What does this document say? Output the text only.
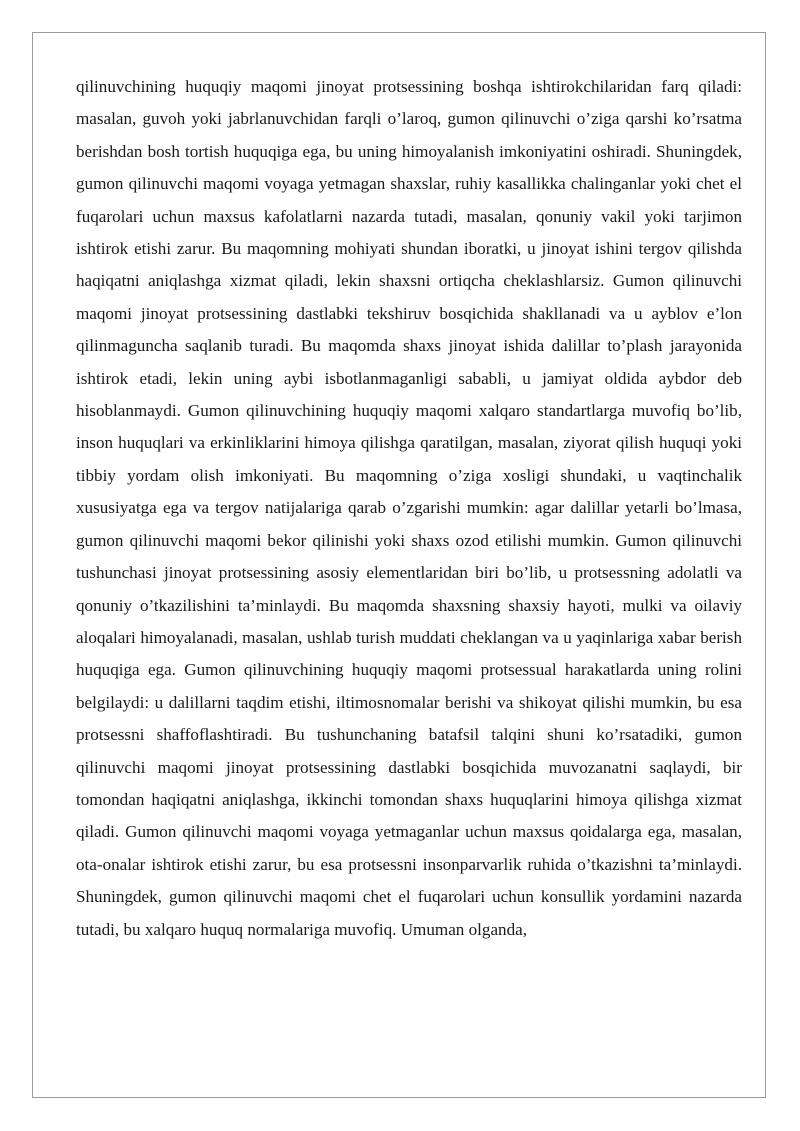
qilinuvchining huquqiy maqomi jinoyat protsessining boshqa ishtirokchilaridan farq qiladi: masalan, guvoh yoki jabrlanuvchidan farqli o’laroq, gumon qilinuvchi o’ziga qarshi ko’rsatma berishdan bosh tortish huquqiga ega, bu uning himoyalanish imkoniyatini oshiradi. Shuningdek, gumon qilinuvchi maqomi voyaga yetmagan shaxslar, ruhiy kasallikka chalinganlar yoki chet el fuqarolari uchun maxsus kafolatlarni nazarda tutadi, masalan, qonuniy vakil yoki tarjimon ishtirok etishi zarur. Bu maqomning mohiyati shundan iboratki, u jinoyat ishini tergov qilishda haqiqatni aniqlashga xizmat qiladi, lekin shaxsni ortiqcha cheklashlarsiz. Gumon qilinuvchi maqomi jinoyat protsessining dastlabki tekshiruv bosqichida shakllanadi va u ayblov e’lon qilinmaguncha saqlanib turadi. Bu maqomda shaxs jinoyat ishida dalillar to’plash jarayonida ishtirok etadi, lekin uning aybi isbotlanmaganligi sababli, u jamiyat oldida aybdor deb hisoblanmaydi. Gumon qilinuvchining huquqiy maqomi xalqaro standartlarga muvofiq bo’lib, inson huquqlari va erkinliklarini himoya qilishga qaratilgan, masalan, ziyorat qilish huquqi yoki tibbiy yordam olish imkoniyati. Bu maqomning o’ziga xosligi shundaki, u vaqtinchalik xususiyatga ega va tergov natijalariga qarab o’zgarishi mumkin: agar dalillar yetarli bo’lmasa, gumon qilinuvchi maqomi bekor qilinishi yoki shaxs ozod etilishi mumkin. Gumon qilinuvchi tushunchasi jinoyat protsessining asosiy elementlaridan biri bo’lib, u protsessning adolatli va qonuniy o’tkazilishini ta’minlaydi. Bu maqomda shaxsning shaxsiy hayoti, mulki va oilaviy aloqalari himoyalanadi, masalan, ushlab turish muddati cheklangan va u yaqinlariga xabar berish huquqiga ega. Gumon qilinuvchining huquqiy maqomi protsessual harakatlarda uning rolini belgilaydi: u dalillarni taqdim etishi, iltimosnomalar berishi va shikoyat qilishi mumkin, bu esa protsessni shaffoflashtiradi. Bu tushunchaning batafsil talqini shuni ko’rsatadiki, gumon qilinuvchi maqomi jinoyat protsessining dastlabki bosqichida muvozanatni saqlaydi, bir tomondan haqiqatni aniqlashga, ikkinchi tomondan shaxs huquqlarini himoya qilishga xizmat qiladi. Gumon qilinuvchi maqomi voyaga yetmaganlar uchun maxsus qoidalarga ega, masalan, ota-onalar ishtirok etishi zarur, bu esa protsessni insonparvarlik ruhida o’tkazishni ta’minlaydi. Shuningdek, gumon qilinuvchi maqomi chet el fuqarolari uchun konsullik yordamini nazarda tutadi, bu xalqaro huquq normalariga muvofiq. Umuman olganda,
